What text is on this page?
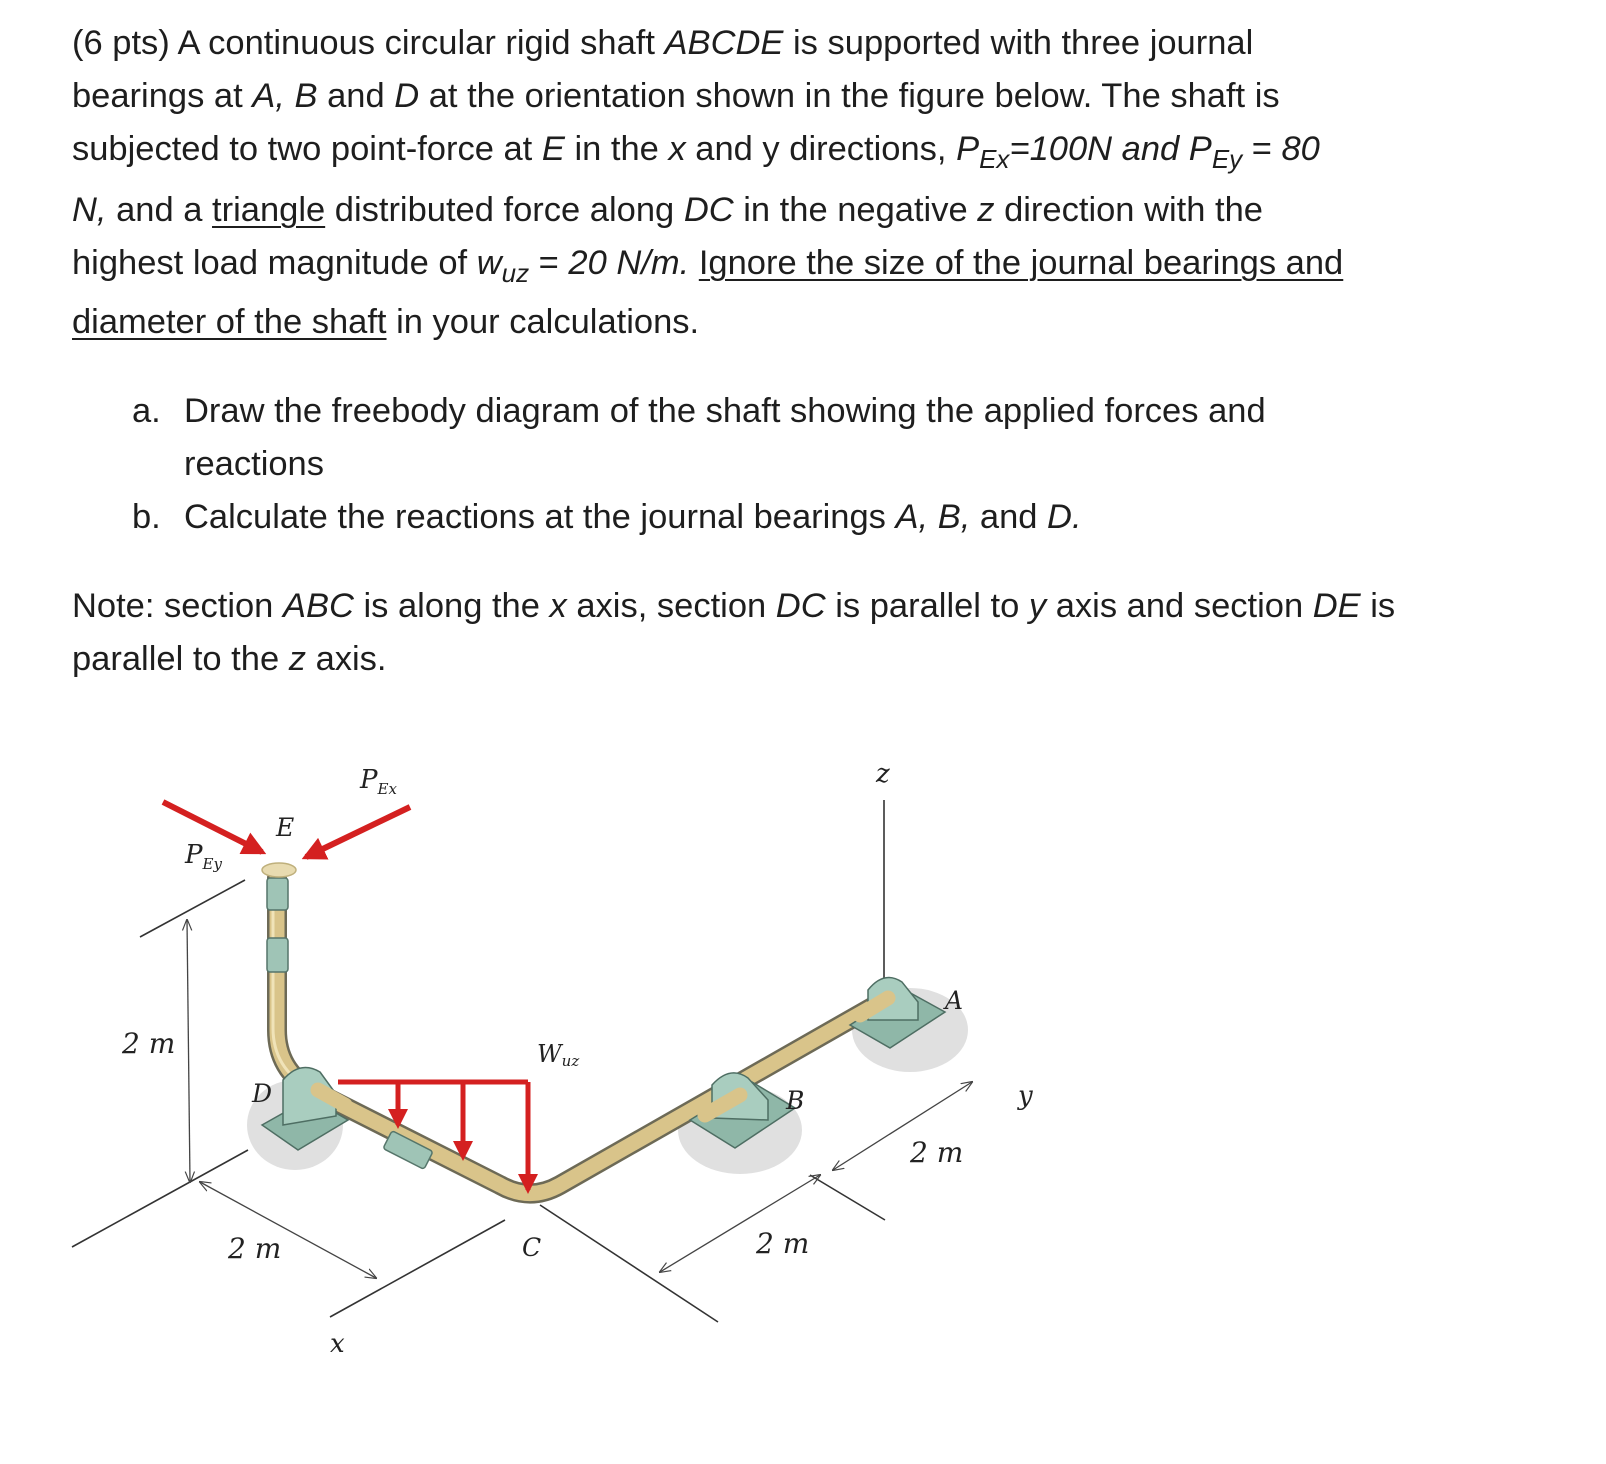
(6 pts) A continuous circular rigid shaft ABCDE is supported with three journal
bearings at A, B and D at the orientation shown in the figure below. The shaft is
subjected to two point-force at E in the x and y directions, $P_{Ex}=100N$ and $P_{Ey} = 80$
N, and a triangle distributed force along DC in the negative z direction with the
highest load magnitude of $w_{uz} = 20$ N/m. Ignore the size of the journal bearings and
diameter of the shaft in your calculations.
a. Draw the freebody diagram of the shaft showing the applied forces and
reactions
b. Calculate the reactions at the journal bearings A, B, and D.
Note: section ABC is along the x axis, section DC is parallel to y axis and section DE is
parallel to the z axis.
$P_{Ex}$
$P_{Ey}$
E
z
A
y
Wuz
B
D
C
x
2 m
2 m	2 m
2 m
